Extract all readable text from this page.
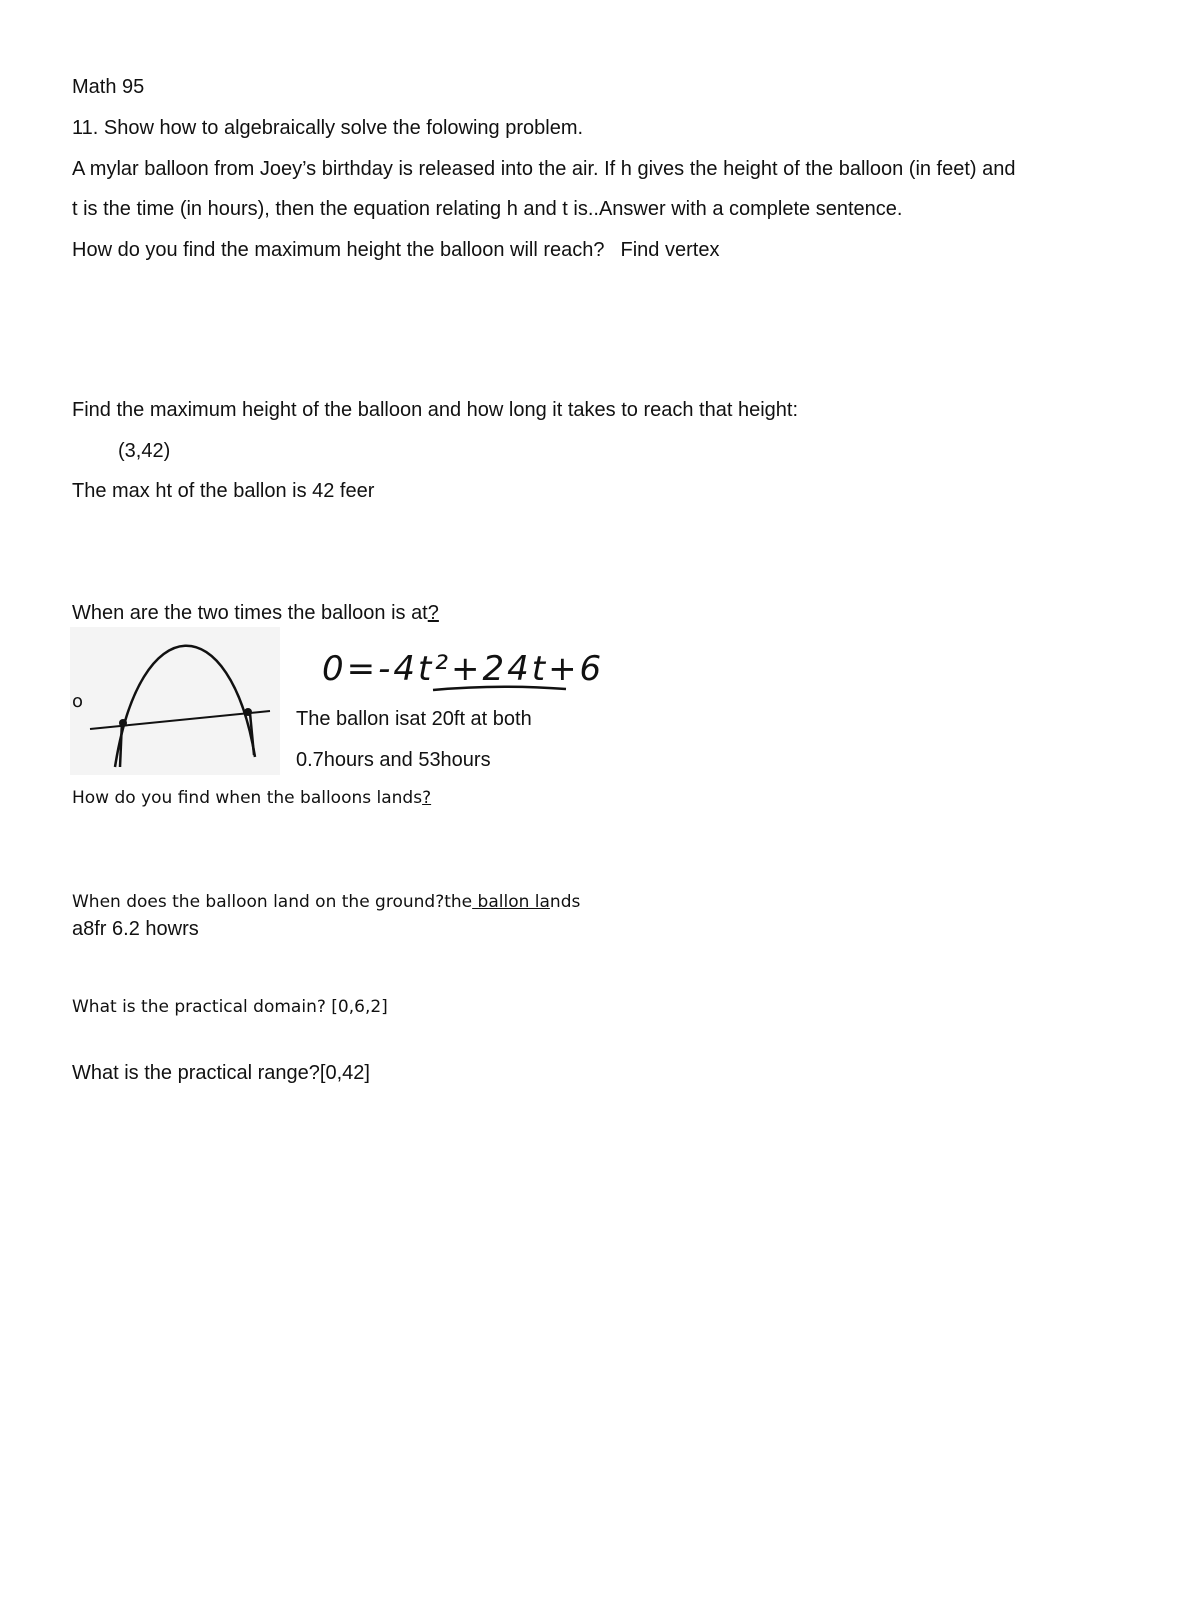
Math 95
11. Show how to algebraically solve the folowing problem.
A mylar balloon from Joey’s birthday is released into the air. If h gives the height of the balloon (in feet) and
t is the time (in hours), then the equation relating h and t is..Answer with a complete sentence.
How do you find the maximum height the balloon will reach? Find vertex
Find the maximum height of the balloon and how long it takes to reach that height:
(3,42)
The max ht of the ballon is 42 feer
When are the two times the balloon is at?
o
0=-4t²+24t+6
The ballon isat 20ft at both
0.7hours and 53hours
How do you find when the balloons lands?
When does the balloon land on the ground?the ballon lands
a8fr 6.2 howrs
What is the practical domain? [0,6,2]
What is the practical range?[0,42]
